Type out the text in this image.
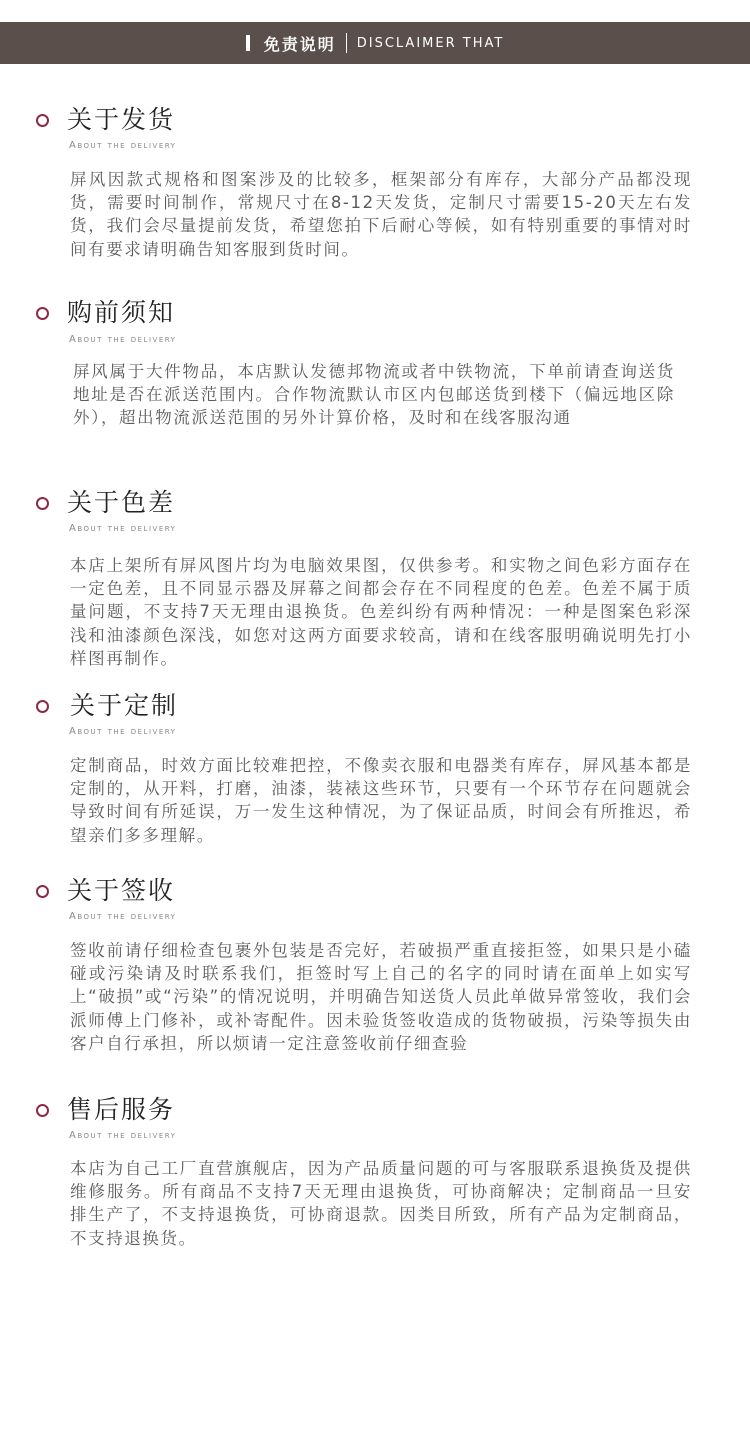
免责说明 DISCLAIMER THAT
关于发货
About the delivery
屏风因款式规格和图案涉及的比较多，框架部分有库存，大部分产品都没现货，需要时间制作，常规尺寸在8-12天发货，定制尺寸需要15-20天左右发货，我们会尽量提前发货，希望您拍下后耐心等候，如有特别重要的事情对时间有要求请明确告知客服到货时间。
购前须知
About the delivery
屏风属于大件物品，本店默认发德邦物流或者中铁物流，下单前请查询送货地址是否在派送范围内。合作物流默认市区内包邮送货到楼下（偏远地区除外），超出物流派送范围的另外计算价格，及时和在线客服沟通
关于色差
About the delivery
本店上架所有屏风图片均为电脑效果图，仅供参考。和实物之间色彩方面存在一定色差，且不同显示器及屏幕之间都会存在不同程度的色差。色差不属于质量问题，不支持7天无理由退换货。色差纠纷有两种情况：一种是图案色彩深浅和油漆颜色深浅，如您对这两方面要求较高，请和在线客服明确说明先打小样图再制作。
关于定制
About the delivery
定制商品，时效方面比较难把控，不像卖衣服和电器类有库存，屏风基本都是定制的，从开料，打磨，油漆，装裱这些环节，只要有一个环节存在问题就会导致时间有所延误，万一发生这种情况，为了保证品质，时间会有所推迟，希望亲们多多理解。
关于签收
About the delivery
签收前请仔细检查包裹外包装是否完好，若破损严重直接拒签，如果只是小磕碰或污染请及时联系我们，拒签时写上自己的名字的同时请在面单上如实写上“破损”或“污染”的情况说明，并明确告知送货人员此单做异常签收，我们会派师傅上门修补，或补寄配件。因未验货签收造成的货物破损，污染等损失由客户自行承担，所以烦请一定注意签收前仔细查验
售后服务
About the delivery
本店为自己工厂直营旗舰店，因为产品质量问题的可与客服联系退换货及提供维修服务。所有商品不支持7天无理由退换货，可协商解决；定制商品一旦安排生产了，不支持退换货，可协商退款。因类目所致，所有产品为定制商品，不支持退换货。
